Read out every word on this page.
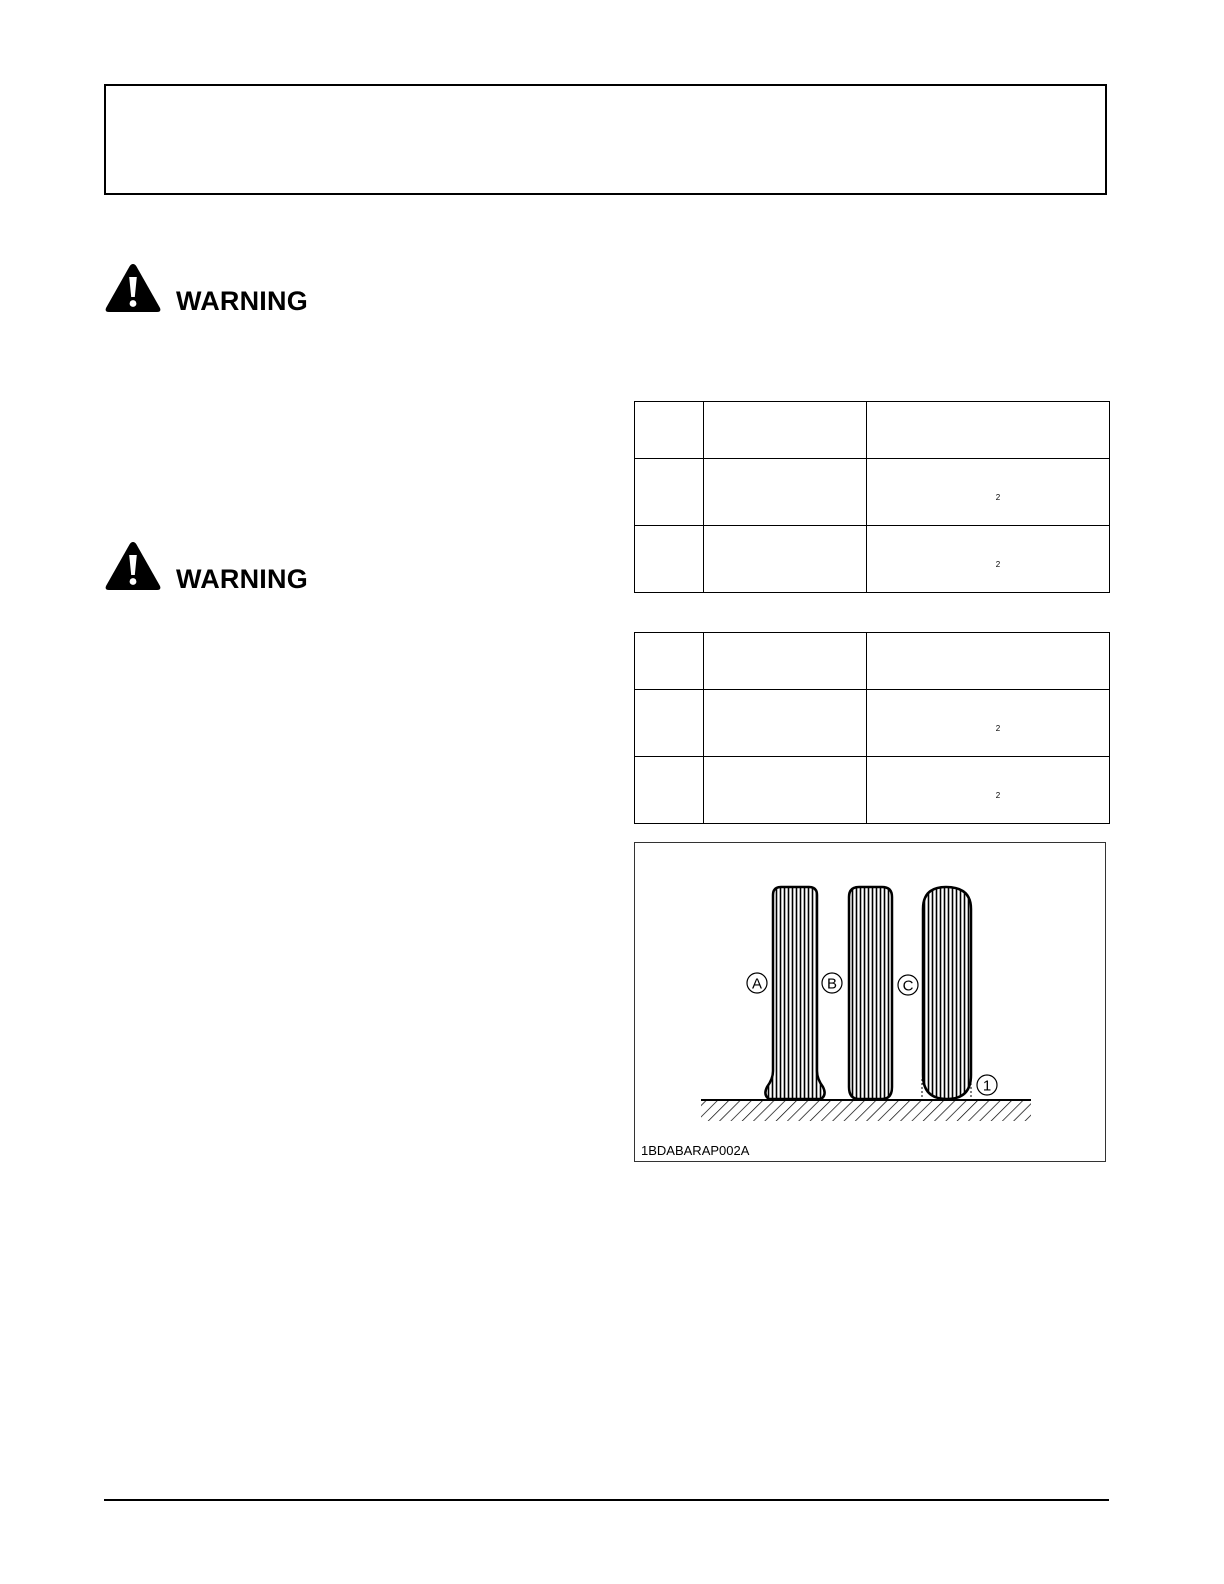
WARNING
WARNING

		2
		2

		2
		2
A	B	C
1
1BDABARAP002A
